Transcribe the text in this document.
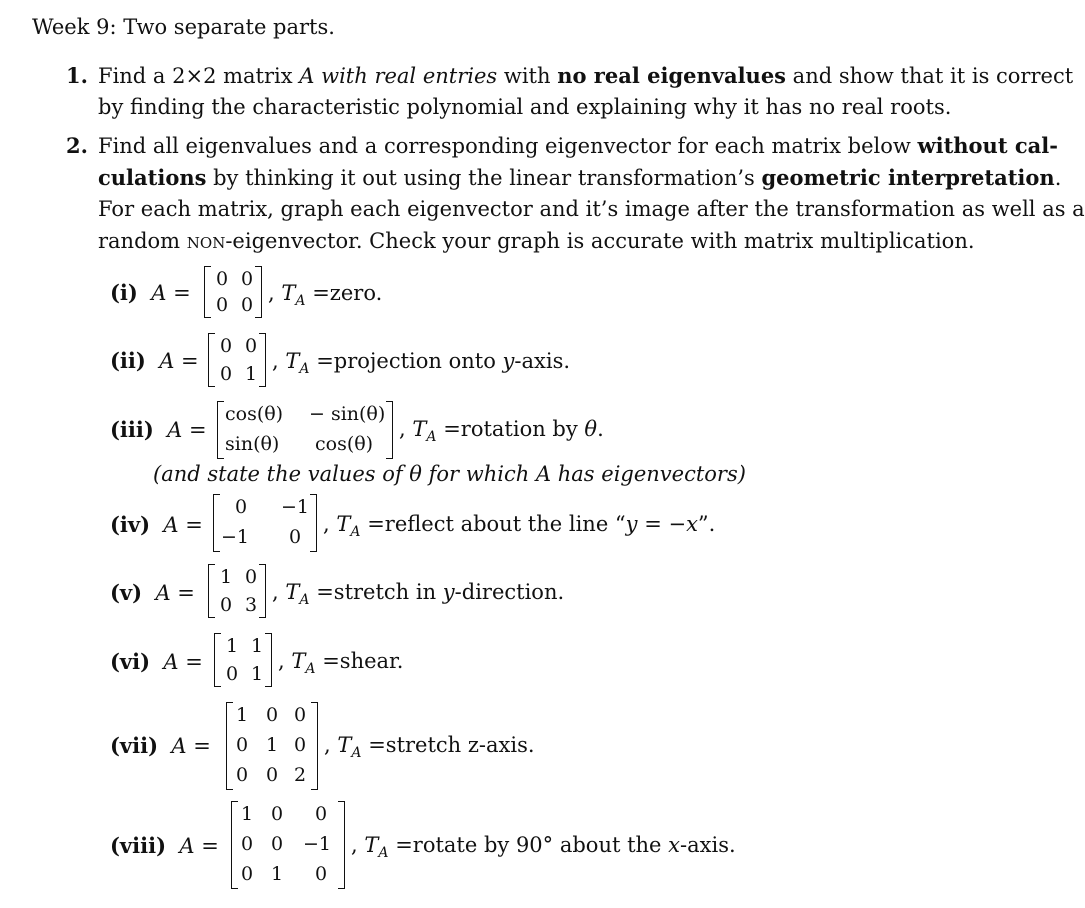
Week 9: Two separate parts.
1. Find a 2×2 matrix A with real entries with no real eigenvalues and show that it is correct
by finding the characteristic polynomial and explaining why it has no real roots.
2. Find all eigenvalues and a corresponding eigenvector for each matrix below without cal-
culations by thinking it out using the linear transformation’s geometric interpretation.
For each matrix, graph each eigenvector and it’s image after the transformation as well as a
random non-eigenvector. Check your graph is accurate with matrix multiplication.
(i) A =
0 0
0 0 , $T_A$ =zero.
(ii) A =
0 0
0 1
, $T_A$ =projection onto y-axis.
(iii) A =
cos(θ) − sin(θ)
sin(θ) cos(θ)
, $T_A$ =rotation by θ.
(and state the values of θ for which A has eigenvectors)
(iv) A =
0 −1
−1 0
, $T_A$ =reflect about the line “y = −x”.
(v) A =
1 0
0 3
, $T_A$ =stretch in y-direction.
(vi) A =
1 1
0 1
, $T_A$ =shear.
(vii) A =
1 0 0
0 1 0
0 0 2
, $T_A$ =stretch z-axis.
(viii) A =
1 0 0
0 0 −1
0 1 0
, $T_A$ =rotate by 90° about the x-axis.
